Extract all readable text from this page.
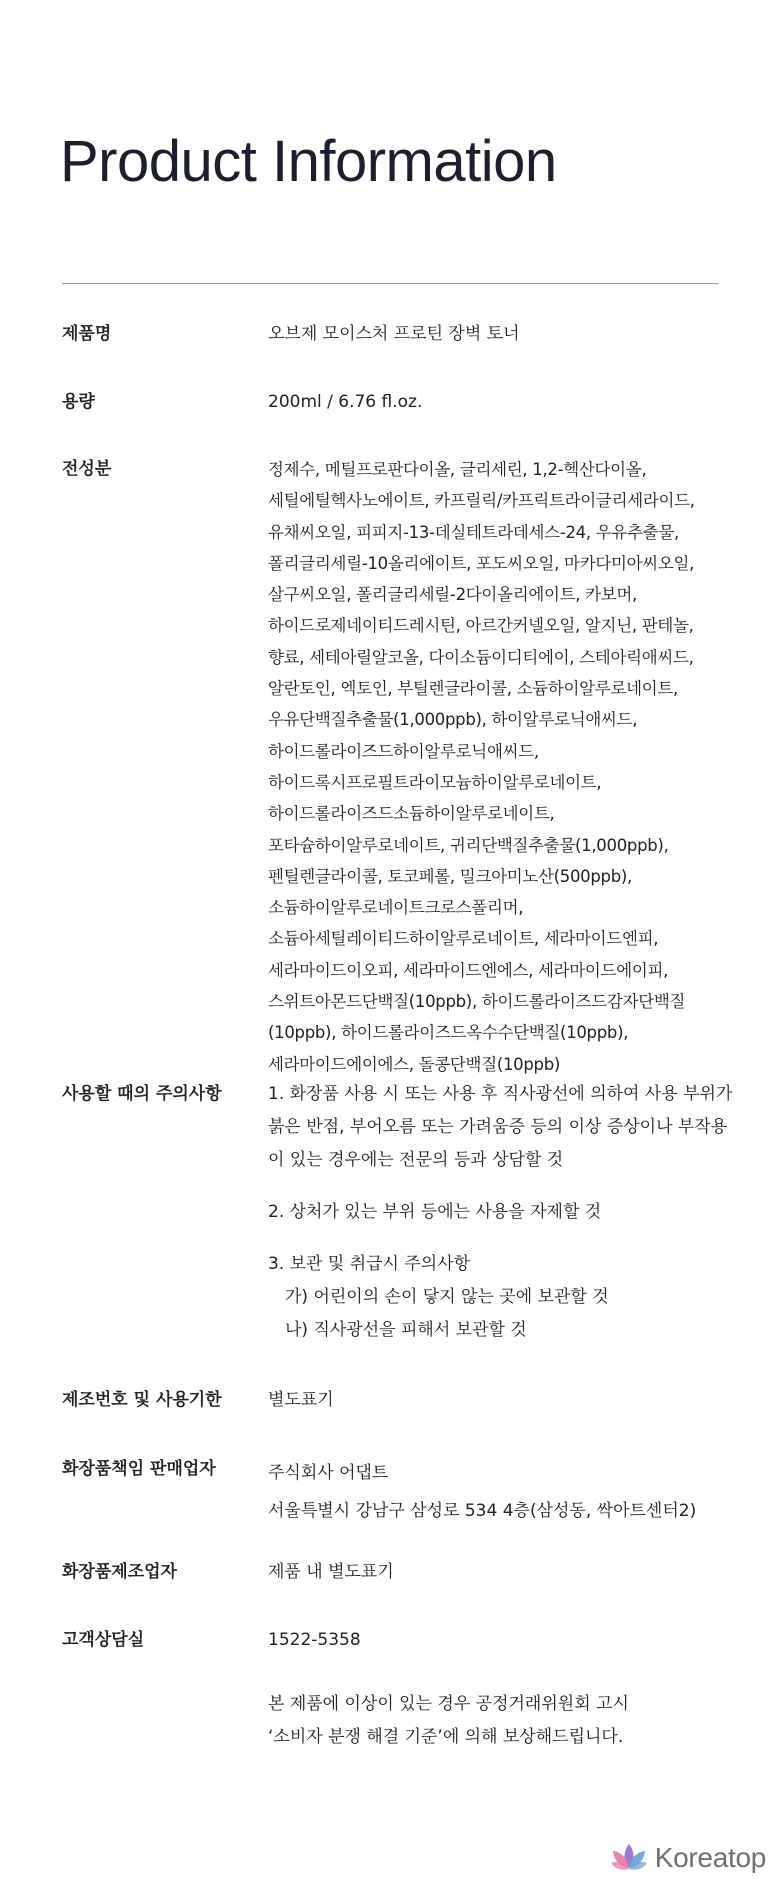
Product Information
제품명	오브제 모이스처 프로틴 장벽 토너
용량	200ml / 6.76 fl.oz.
전성분	정제수, 메틸프로판다이올, 글리세린, 1,2-헥산다이올, 세틸에틸헥사노에이트, 카프릴릭/카프릭트라이글리세라이드, 유채씨오일, 피피지-13-데실테트라데세스-24, 우유추출물, 폴리글리세릴-10올리에이트, 포도씨오일, 마카다미아씨오일, 살구씨오일, 폴리글리세릴-2다이올리에이트, 카보머, 하이드로제네이티드레시틴, 아르간커넬오일, 알지닌, 판테놀, 향료, 세테아릴알코올, 다이소듐이디티에이, 스테아릭애씨드, 알란토인, 엑토인, 부틸렌글라이콜, 소듐하이알루로네이트, 우유단백질추출물(1,000ppb), 하이알루로닉애씨드, 하이드롤라이즈드하이알루로닉애씨드, 하이드록시프로필트라이모늄하이알루로네이트, 하이드롤라이즈드소듐하이알루로네이트, 포타슘하이알루로네이트, 귀리단백질추출물(1,000ppb), 펜틸렌글라이콜, 토코페롤, 밀크아미노산(500ppb), 소듐하이알루로네이트크로스폴리머, 소듐아세틸레이티드하이알루로네이트, 세라마이드엔피, 세라마이드이오피, 세라마이드엔에스, 세라마이드에이피, 스위트아몬드단백질(10ppb), 하이드롤라이즈드감자단백질(10ppb), 하이드롤라이즈드옥수수단백질(10ppb), 세라마이드에이에스, 돌콩단백질(10ppb)
사용할 때의 주의사항	1. 화장품 사용 시 또는 사용 후 직사광선에 의하여 사용 부위가
붉은 반점, 부어오름 또는 가려움증 등의 이상 증상이나 부작용
이 있는 경우에는 전문의 등과 상담할 것
2. 상처가 있는 부위 등에는 사용을 자제할 것
3. 보관 및 취급시 주의사항
가) 어린이의 손이 닿지 않는 곳에 보관할 것
나) 직사광선을 피해서 보관할 것
제조번호 및 사용기한	별도표기
화장품책임 판매업자	주식회사 어댑트
서울특별시 강남구 삼성로 534 4층(삼성동, 싹아트센터2)
화장품제조업자	제품 내 별도표기
고객상담실	1522-5358
본 제품에 이상이 있는 경우 공정거래위원회 고시
‘소비자 분쟁 해결 기준’에 의해 보상해드립니다.
Koreatop
